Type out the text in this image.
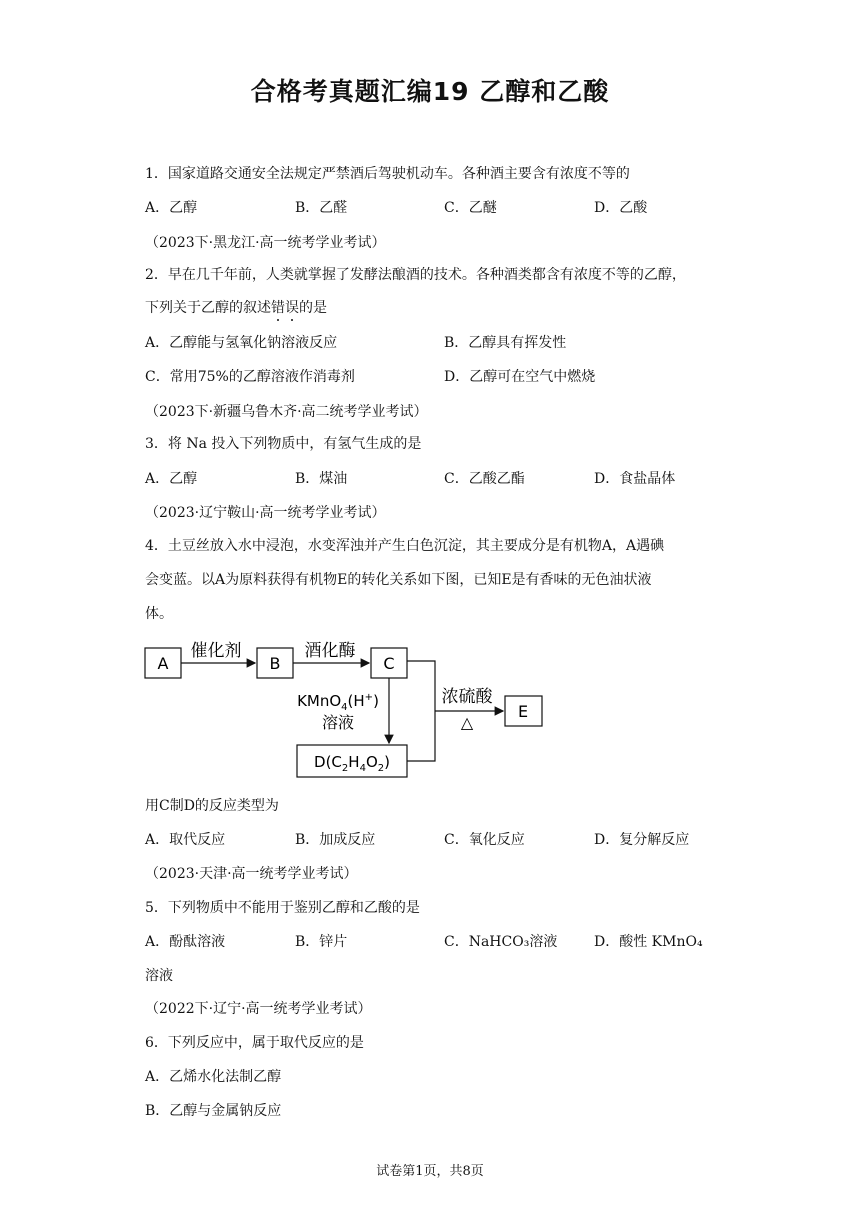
合格考真题汇编19 乙醇和乙酸
1．国家道路交通安全法规定严禁酒后驾驶机动车。各种酒主要含有浓度不等的
A．乙醇	B．乙醛	C．乙醚	D．乙酸
（2023下·黑龙江·高一统考学业考试）
2．早在几千年前，人类就掌握了发酵法酿酒的技术。各种酒类都含有浓度不等的乙醇，
下列关于乙醇的叙述错误的是
A．乙醇能与氢氧化钠溶液反应	B．乙醇具有挥发性
C．常用75%的乙醇溶液作消毒剂	D．乙醇可在空气中燃烧
（2023下·新疆乌鲁木齐·高二统考学业考试）
3．将 Na 投入下列物质中，有氢气生成的是
A．乙醇	B．煤油	C．乙酸乙酯	D．食盐晶体
（2023·辽宁鞍山·高一统考学业考试）
4．土豆丝放入水中浸泡，水变浑浊并产生白色沉淀，其主要成分是有机物A，A遇碘
会变蓝。以A为原料获得有机物E的转化关系如下图，已知E是有香味的无色油状液
体。
A
催化剂
B
酒化酶
C
KMnO$_4$(H+)
溶液
$D(C_2H_4O_2)$
浓硫酸
△
E
用C制D的反应类型为
A．取代反应	B．加成反应	C．氧化反应	D．复分解反应
（2023·天津·高一统考学业考试）
5．下列物质中不能用于鉴别乙醇和乙酸的是
A．酚酞溶液	B．锌片	C．NaHCO₃溶液	D．酸性 KMnO₄
溶液
（2022下·辽宁·高一统考学业考试）
6．下列反应中，属于取代反应的是
A．乙烯水化法制乙醇
B．乙醇与金属钠反应
试卷第1页，共8页
